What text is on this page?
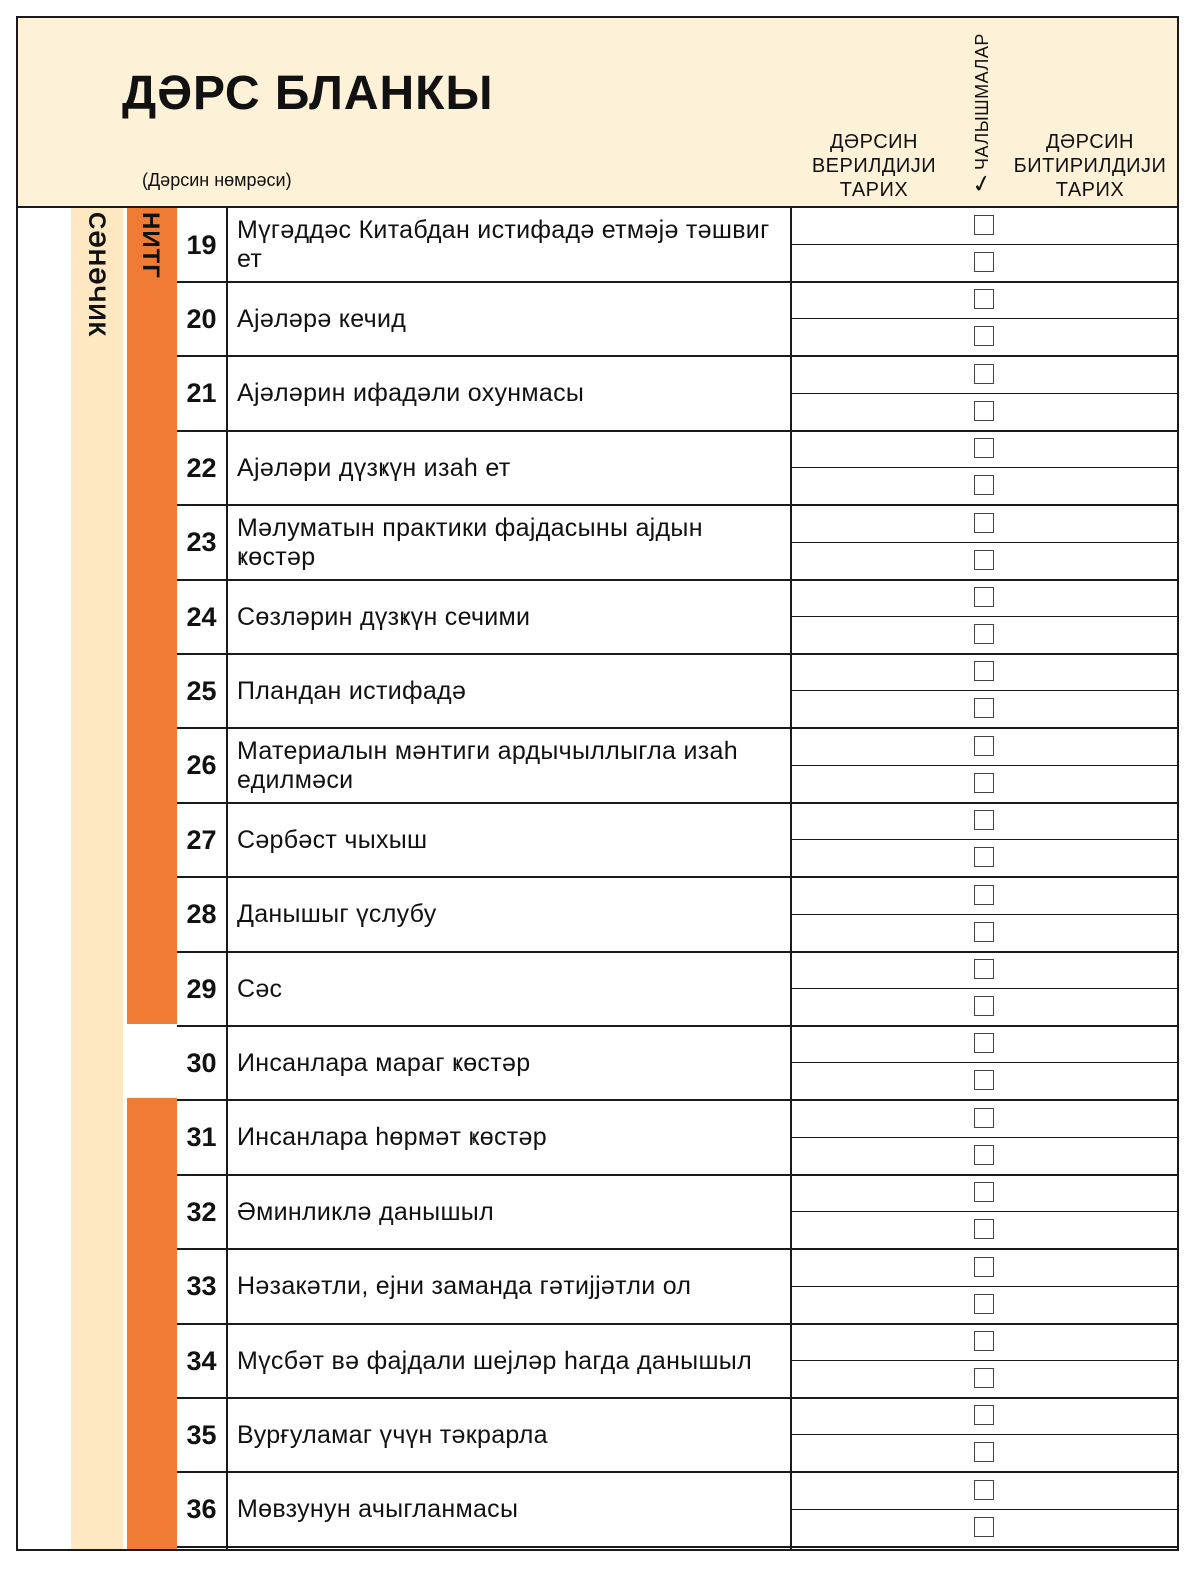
ДƏРС БЛАНКЫ
(Дәрсин нөмрәси)
ДƏРСИН ВЕРИЛДИЈИ ТАРИХ
ЧАЛЫШМАЛАР
✓
ДƏРСИН БИТИРИЛДИЈИ ТАРИХ
СӘНӘЧИК НИТГ 19 Мүгәддәс Китабдан истифадә етмәјә тәшвиг ет
20 Ајәләрә кечид
21 Ајәләрин ифадәли охунмасы
22 Ајәләри дүзҝүн изаһ ет
23 Мәлуматын практики фајдасыны ајдын ҝөстәр
24 Сөзләрин дүзҝүн сечими
25 Пландан истифадә
26 Материалын мәнтиги ардычыллыгла изаһ едилмәси
27 Сәрбәст чыхыш
28 Данышыг үслубу
29 Сәс
30 Инсанлара мараг ҝөстәр
31 Инсанлара һөрмәт ҝөстәр
32 Әминликлә данышыл
33 Нәзакәтли, ејни заманда гәтијјәтли ол
34 Мүсбәт вә фајдали шејләр һагда данышыл
35 Вурғуламаг үчүн тәкрарла
36 Мөвзунун ачыгланмасы
